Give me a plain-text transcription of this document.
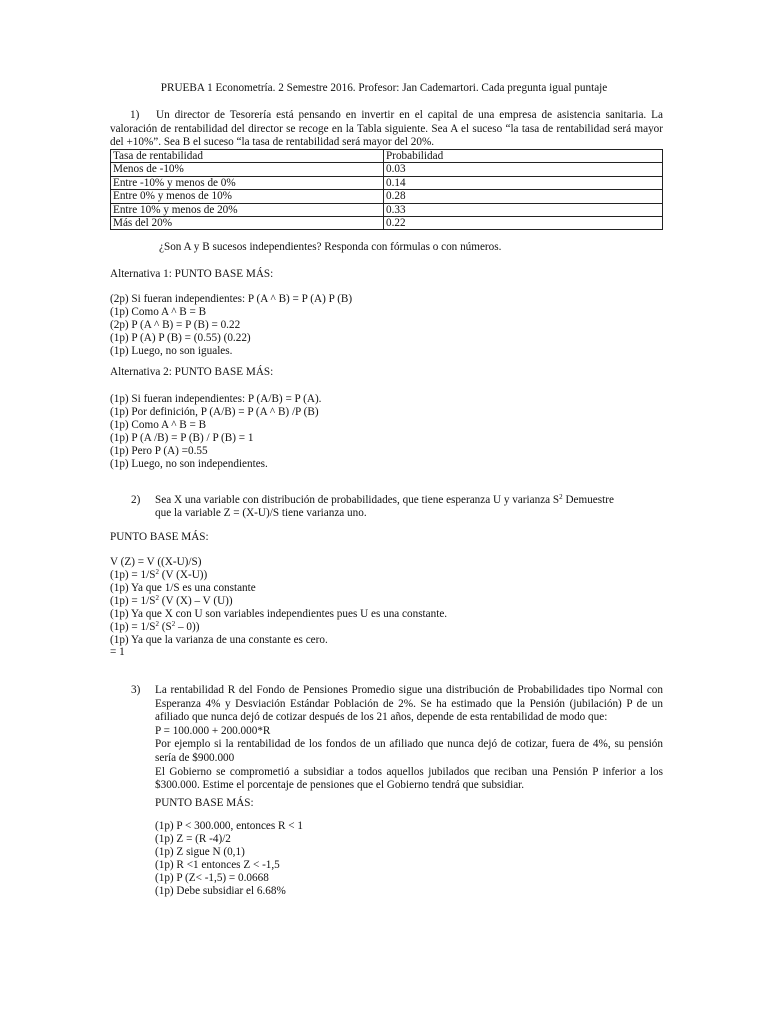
PRUEBA 1 Econometría. 2 Semestre 2016. Profesor: Jan Cademartori. Cada pregunta igual puntaje

1) Un director de Tesorería está pensando en invertir en el capital de una empresa de asistencia sanitaria. La valoración de rentabilidad del director se recoge en la Tabla siguiente. Sea A el suceso “la tasa de rentabilidad será mayor del +10%”. Sea B el suceso “la tasa de rentabilidad será mayor del 20%.

Tasa de rentabilidad	Probabilidad
Menos de -10%	0.03
Entre -10% y menos de 0%	0.14
Entre 0% y menos de 10%	0.28
Entre 10% y menos de 20%	0.33
Más del 20%	0.22
¿Son A y B sucesos independientes? Responda con fórmulas o con números.
Alternativa 1: PUNTO BASE MÁS:
(2p) Si fueran independientes: P (A ^ B) = P (A) P (B)
(1p) Como A ^ B = B
(2p) P (A ^ B) = P (B) = 0.22
(1p) P (A) P (B) = (0.55) (0.22)
(1p) Luego, no son iguales.
Alternativa 2: PUNTO BASE MÁS:
(1p) Si fueran independientes: P (A/B) = P (A).
(1p) Por definición, P (A/B) = P (A ^ B) /P (B)
(1p) Como A ^ B = B
(1p) P (A /B) = P (B) / P (B) = 1
(1p) Pero P (A) =0.55
(1p) Luego, no son independientes.
2) Sea X una variable con distribución de probabilidades, que tiene esperanza U y varianza $S^2$ Demuestre
que la variable Z = (X-U)/S tiene varianza uno.
PUNTO BASE MÁS:
V (Z) = V ((X-U)/S)
$(1p) = 1/S^2$ (V (X-U))
(1p) Ya que 1/S es una constante
$(1p) = 1/S^2$ (V (X) – V (U))
(1p) Ya que X con U son variables independientes pues U es una constante.
$(1p) = 1/S^2$ $(S^2 - 0)$)
(1p) Ya que la varianza de una constante es cero.
= 1
3) La rentabilidad R del Fondo de Pensiones Promedio sigue una distribución de Probabilidades tipo Normal con Esperanza 4% y Desviación Estándar Población de 2%. Se ha estimado que la Pensión (jubilación) P de un afiliado que nunca dejó de cotizar después de los 21 años, depende de esta rentabilidad de modo que:

P = 100.000 + 200.000*R

Por ejemplo si la rentabilidad de los fondos de un afiliado que nunca dejó de cotizar, fuera de 4%, su pensión sería de $900.000

El Gobierno se comprometió a subsidiar a todos aquellos jubilados que reciban una Pensión P inferior a los $300.000. Estime el porcentaje de pensiones que el Gobierno tendrá que subsidiar.

PUNTO BASE MÁS:
(1p) P < 300.000, entonces R < 1
(1p) Z = (R -4)/2
(1p) Z sigue N (0,1)
(1p) R <1 entonces Z < -1,5
(1p) P (Z< -1,5) = 0.0668
(1p) Debe subsidiar el 6.68%
